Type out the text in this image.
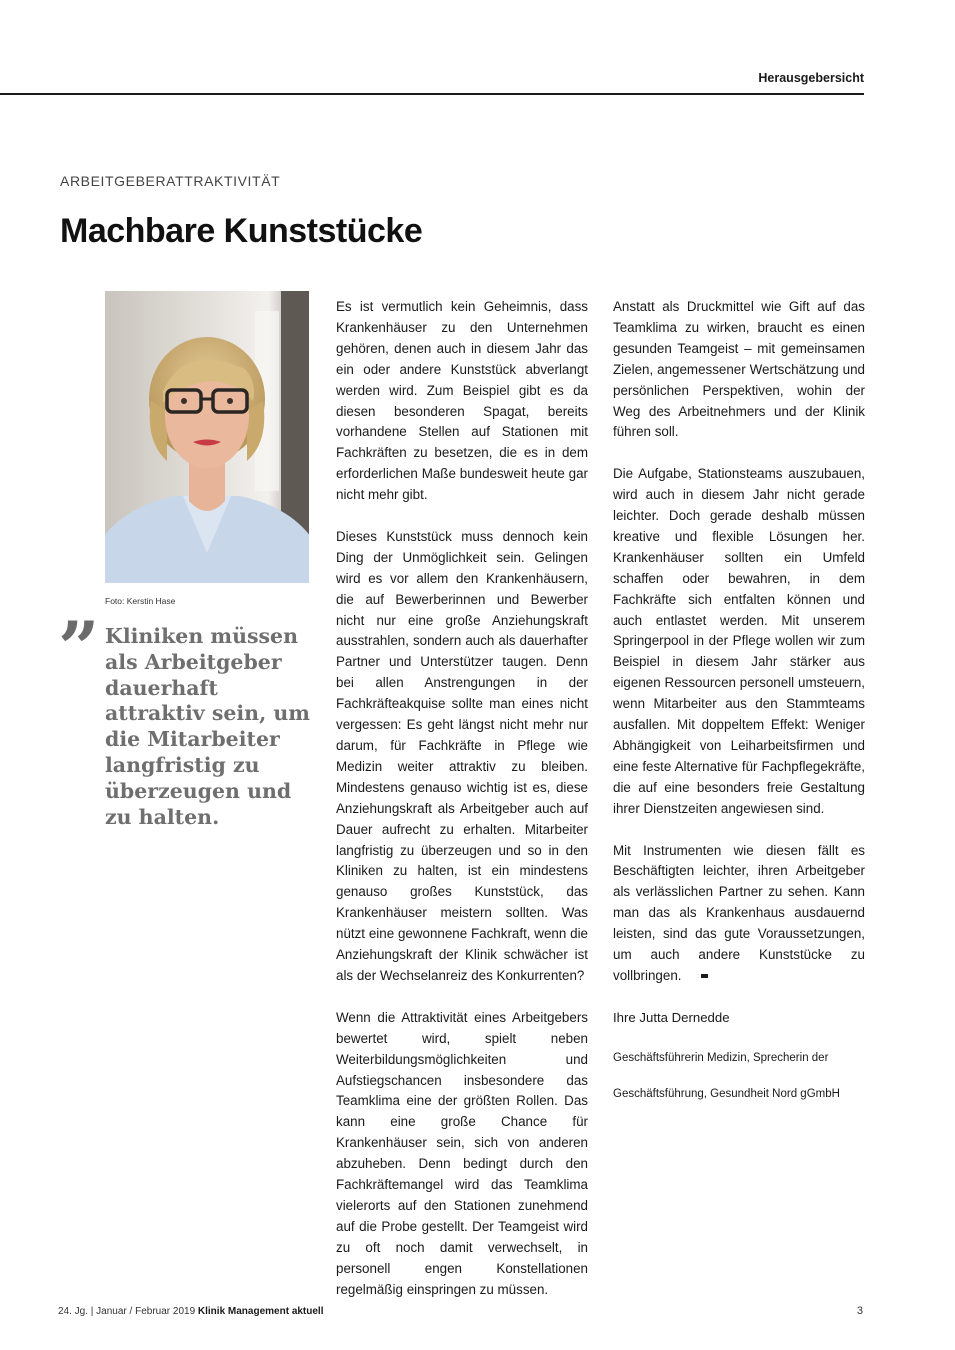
Herausgebersicht
ARBEITGEBERATTRAKTIVITÄT
Machbare Kunststücke
Foto: Kerstin Hase
” Kliniken müssen als Arbeitgeber dauerhaft attraktiv sein, um die Mitarbeiter langfristig zu überzeugen und zu halten.

Es ist vermutlich kein Geheimnis, dass Krankenhäuser zu den Unternehmen gehören, denen auch in diesem Jahr das ein oder andere Kunststück abverlangt werden wird. Zum Beispiel gibt es da diesen besonderen Spagat, bereits vorhandene Stellen auf Stationen mit Fachkräften zu besetzen, die es in dem erforderlichen Maße bundesweit heute gar nicht mehr gibt.

Dieses Kunststück muss dennoch kein Ding der Unmöglichkeit sein. Gelingen wird es vor allem den Krankenhäusern, die auf Bewerberinnen und Bewerber nicht nur eine große Anziehungskraft ausstrahlen, sondern auch als dauerhafter Partner und Unterstützer taugen. Denn bei allen Anstrengungen in der Fachkräfteakquise sollte man eines nicht vergessen: Es geht längst nicht mehr nur darum, für Fachkräfte in Pflege wie Medizin weiter attraktiv zu bleiben. Mindestens genauso wichtig ist es, diese Anziehungskraft als Arbeitgeber auch auf Dauer aufrecht zu erhalten. Mitarbeiter langfristig zu überzeugen und so in den Kliniken zu halten, ist ein mindestens genauso großes Kunststück, das Krankenhäuser meistern sollten. Was nützt eine gewonnene Fachkraft, wenn die Anziehungskraft der Klinik schwächer ist als der Wechselanreiz des Konkurrenten?

Wenn die Attraktivität eines Arbeitgebers bewertet wird, spielt neben Weiterbildungsmöglichkeiten und Aufstiegschancen insbesondere das Teamklima eine der größten Rollen. Das kann eine große Chance für Krankenhäuser sein, sich von anderen abzuheben. Denn bedingt durch den Fachkräftemangel wird das Teamklima vielerorts auf den Stationen zunehmend auf die Probe gestellt. Der Teamgeist wird zu oft noch damit verwechselt, in personell engen Konstellationen regelmäßig einspringen zu müssen.

Anstatt als Druckmittel wie Gift auf das Teamklima zu wirken, braucht es einen gesunden Teamgeist – mit gemeinsamen Zielen, angemessener Wertschätzung und persönlichen Perspektiven, wohin der Weg des Arbeitnehmers und der Klinik führen soll.

Die Aufgabe, Stationsteams auszubauen, wird auch in diesem Jahr nicht gerade leichter. Doch gerade deshalb müssen kreative und flexible Lösungen her. Krankenhäuser sollten ein Umfeld schaffen oder bewahren, in dem Fachkräfte sich entfalten können und auch entlastet werden. Mit unserem Springerpool in der Pflege wollen wir zum Beispiel in diesem Jahr stärker aus eigenen Ressourcen personell umsteuern, wenn Mitarbeiter aus den Stammteams ausfallen. Mit doppeltem Effekt: Weniger Abhängigkeit von Leiharbeitsfirmen und eine feste Alternative für Fachpflegekräfte, die auf eine besonders freie Gestaltung ihrer Dienstzeiten angewiesen sind.

Mit Instrumenten wie diesen fällt es Beschäftigten leichter, ihren Arbeitgeber als verlässlichen Partner zu sehen. Kann man das als Krankenhaus ausdauernd leisten, sind das gute Voraussetzungen, um auch andere Kunststücke zu vollbringen.

Ihre Jutta Dernedde

Geschäftsführerin Medizin, Sprecherin der

Geschäftsführung, Gesundheit Nord gGmbH

24. Jg. | Januar / Februar 2019 Klinik Management aktuell	3
